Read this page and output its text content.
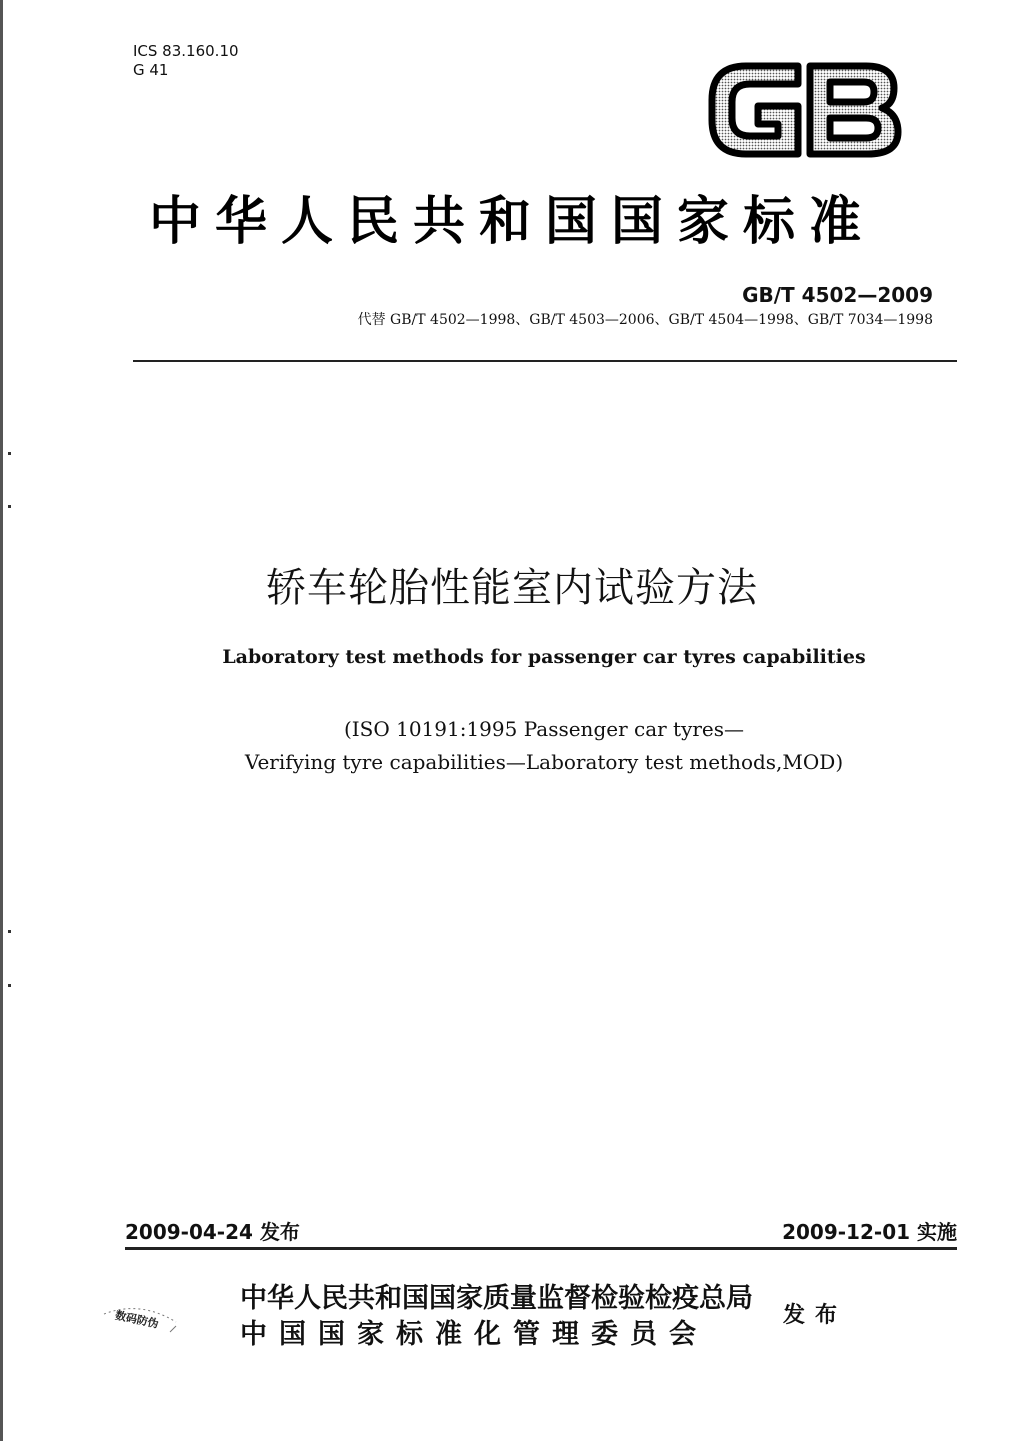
ICS 83.160.10
G 41
中华人民共和国国家标准
GB/T 4502—2009
代替 GB/T 4502—1998、GB/T 4503—2006、GB/T 4504—1998、GB/T 7034—1998
轿车轮胎性能室内试验方法
Laboratory test methods for passenger car tyres capabilities
(ISO 10191:1995 Passenger car tyres—
Verifying tyre capabilities—Laboratory test methods,MOD)
2009-04-24 发布	2009-12-01 实施
数码防伪
中华人民共和国国家质量监督检验检疫总局
中国国家标准化管理委员会
发布
